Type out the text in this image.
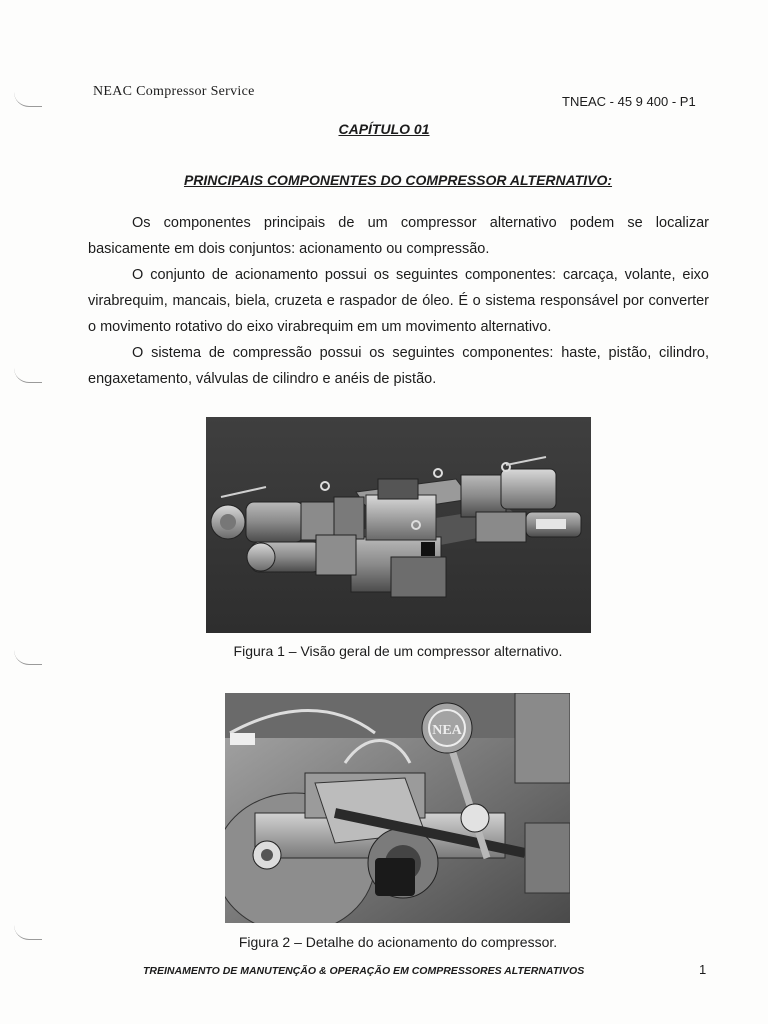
NEAC Compressor Service
TNEAC - 45 9 400 - P1
CAPÍTULO 01
PRINCIPAIS COMPONENTES DO COMPRESSOR ALTERNATIVO:

Os componentes principais de um compressor alternativo podem se localizar basicamente em dois conjuntos: acionamento ou compressão.

O conjunto de acionamento possui os seguintes componentes: carcaça, volante, eixo virabrequim, mancais, biela, cruzeta e raspador de óleo. É o sistema responsável por converter o movimento rotativo do eixo virabrequim em um movimento alternativo.

O sistema de compressão possui os seguintes componentes: haste, pistão, cilindro, engaxetamento, válvulas de cilindro e anéis de pistão.

Figura 1 – Visão geral de um compressor alternativo.
NEA
Figura 2 – Detalhe do acionamento do compressor.
TREINAMENTO DE MANUTENÇÃO & OPERAÇÃO EM COMPRESSORES ALTERNATIVOS	1
